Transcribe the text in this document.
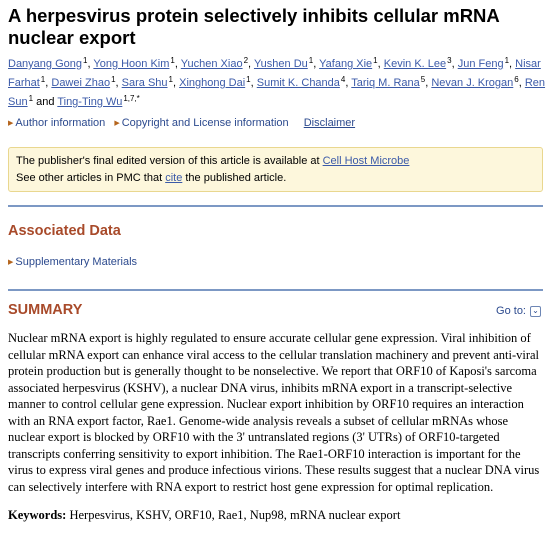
A herpesvirus protein selectively inhibits cellular mRNA nuclear export
Danyang Gong$^1$, Yong Hoon Kim$^1$, Yuchen Xiao$^2$, Yushen Du$^1$, Yafang Xie$^1$, Kevin K. Lee$^3$, Jun Feng$^1$, Nisar Farhat$^1$, Dawei Zhao$^1$, Sara Shu$^1$, Xinghong Dai$^1$, Sumit K. Chanda$^4$, Tariq M. Rana$^5$, Nevan J. Krogan$^6$, Ren Sun$^1$ and Ting-Ting $Wu^{1,7,*}$
▶ Author information ▶ Copyright and License information Disclaimer
The publisher's final edited version of this article is available at Cell Host Microbe
See other articles in PMC that cite the published article.
Associated Data
▶ Supplementary Materials
SUMMARY	Go to: ⌄

Nuclear mRNA export is highly regulated to ensure accurate cellular gene expression. Viral inhibition of cellular mRNA export can enhance viral access to the cellular translation machinery and prevent anti-viral protein production but is generally thought to be nonselective. We report that ORF10 of Kaposi's sarcoma associated herpesvirus (KSHV), a nuclear DNA virus, inhibits mRNA export in a transcript-selective manner to control cellular gene expression. Nuclear export inhibition by ORF10 requires an interaction with an RNA export factor, Rae1. Genome-wide analysis reveals a subset of cellular mRNAs whose nuclear export is blocked by ORF10 with the 3' untranslated regions (3' UTRs) of ORF10-targeted transcripts conferring sensitivity to export inhibition. The Rae1-ORF10 interaction is important for the virus to express viral genes and produce infectious virions. These results suggest that a nuclear DNA virus can selectively interfere with RNA export to restrict host gene expression for optimal replication.

Keywords: Herpesvirus, KSHV, ORF10, Rae1, Nup98, mRNA nuclear export
